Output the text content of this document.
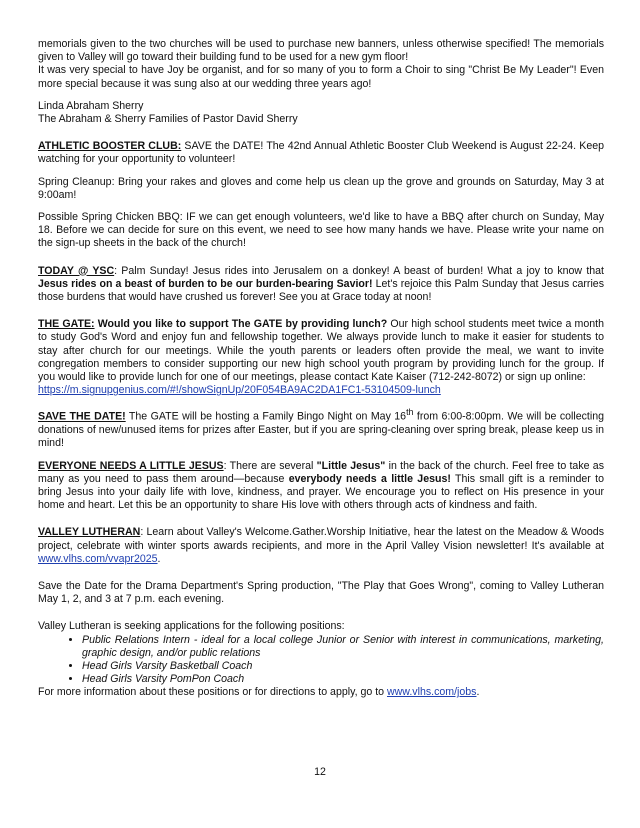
memorials given to the two churches will be used to purchase new banners, unless otherwise specified! The memorials given to Valley will go toward their building fund to be used for a new gym floor!

It was very special to have Joy be organist, and for so many of you to form a Choir to sing "Christ Be My Leader"! Even more special because it was sung also at our wedding three years ago!

Linda Abraham Sherry

The Abraham & Sherry Families of Pastor David Sherry

ATHLETIC BOOSTER CLUB: SAVE the DATE! The 42nd Annual Athletic Booster Club Weekend is August 22-24. Keep watching for your opportunity to volunteer!

Spring Cleanup: Bring your rakes and gloves and come help us clean up the grove and grounds on Saturday, May 3 at 9:00am!

Possible Spring Chicken BBQ: IF we can get enough volunteers, we'd like to have a BBQ after church on Sunday, May 18. Before we can decide for sure on this event, we need to see how many hands we have. Please write your name on the sign-up sheets in the back of the church!

TODAY @ YSC: Palm Sunday! Jesus rides into Jerusalem on a donkey! A beast of burden! What a joy to know that Jesus rides on a beast of burden to be our burden-bearing Savior! Let's rejoice this Palm Sunday that Jesus carries those burdens that would have crushed us forever! See you at Grace today at noon!

THE GATE: Would you like to support The GATE by providing lunch? Our high school students meet twice a month to study God's Word and enjoy fun and fellowship together. We always provide lunch to make it easier for students to stay after church for our meetings. While the youth parents or leaders often provide the meal, we want to invite congregation members to consider supporting our new high school youth program by providing lunch for the group. If you would like to provide lunch for one of our meetings, please contact Kate Kaiser (712-242-8072) or sign up online:

https://m.signupgenius.com/#!/showSignUp/20F054BA9AC2DA1FC1-53104509-lunch

SAVE THE DATE! The GATE will be hosting a Family Bingo Night on May 16th from 6:00-8:00pm. We will be collecting donations of new/unused items for prizes after Easter, but if you are spring-cleaning over spring break, please keep us in mind!

EVERYONE NEEDS A LITTLE JESUS: There are several "Little Jesus" in the back of the church. Feel free to take as many as you need to pass them around—because everybody needs a little Jesus! This small gift is a reminder to bring Jesus into your daily life with love, kindness, and prayer. We encourage you to reflect on His presence in your home and heart. Let this be an opportunity to share His love with others through acts of kindness and faith.

VALLEY LUTHERAN: Learn about Valley's Welcome.Gather.Worship Initiative, hear the latest on the Meadow & Woods project, celebrate with winter sports awards recipients, and more in the April Valley Vision newsletter! It's available at www.vlhs.com/vvapr2025.

Save the Date for the Drama Department's Spring production, "The Play that Goes Wrong", coming to Valley Lutheran May 1, 2, and 3 at 7 p.m. each evening.

Valley Lutheran is seeking applications for the following positions:

• Public Relations Intern - ideal for a local college Junior or Senior with interest in communications, marketing, graphic design, and/or public relations
• Head Girls Varsity Basketball Coach
• Head Girls Varsity PomPon Coach

For more information about these positions or for directions to apply, go to www.vlhs.com/jobs.

12
